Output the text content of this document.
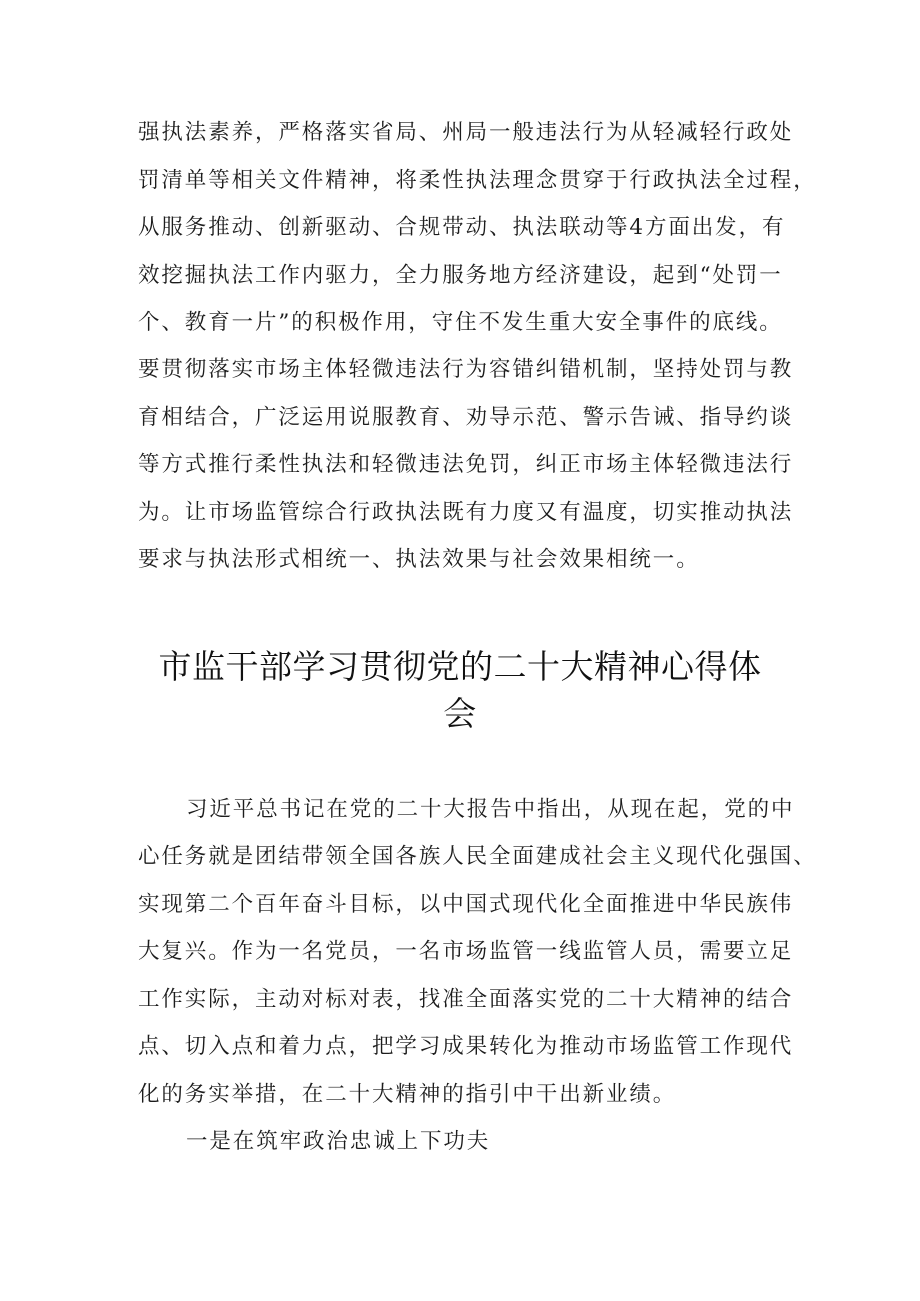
强执法素养，严格落实省局、州局一般违法行为从轻减轻行政处
罚清单等相关文件精神，将柔性执法理念贯穿于行政执法全过程，
从服务推动、创新驱动、合规带动、执法联动等4方面出发，有
效挖掘执法工作内驱力，全力服务地方经济建设，起到“处罚一
个、教育一片”的积极作用，守住不发生重大安全事件的底线。
要贯彻落实市场主体轻微违法行为容错纠错机制，坚持处罚与教
育相结合，广泛运用说服教育、劝导示范、警示告诫、指导约谈
等方式推行柔性执法和轻微违法免罚，纠正市场主体轻微违法行
为。让市场监管综合行政执法既有力度又有温度，切实推动执法
要求与执法形式相统一、执法效果与社会效果相统一。
市监干部学习贯彻党的二十大精神心得体
会
习近平总书记在党的二十大报告中指出，从现在起，党的中
心任务就是团结带领全国各族人民全面建成社会主义现代化强国、
实现第二个百年奋斗目标，以中国式现代化全面推进中华民族伟
大复兴。作为一名党员，一名市场监管一线监管人员，需要立足
工作实际，主动对标对表，找准全面落实党的二十大精神的结合
点、切入点和着力点，把学习成果转化为推动市场监管工作现代
化的务实举措，在二十大精神的指引中干出新业绩。
一是在筑牢政治忠诚上下功夫
